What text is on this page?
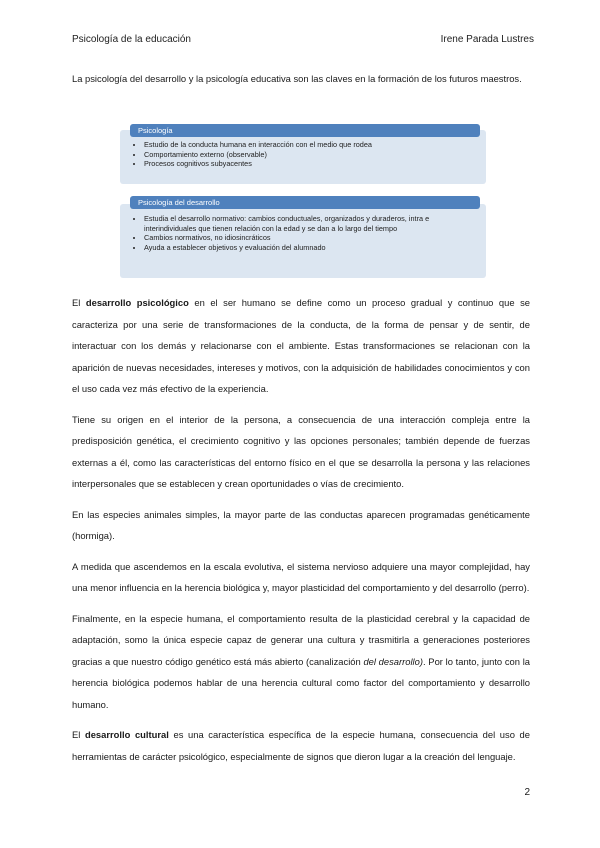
Psicología de la educación	Irene Parada Lustres

La psicología del desarrollo y la psicología educativa son las claves en la formación de los futuros maestros.

• Estudio de la conducta humana en interacción con el medio que rodea
• Comportamiento externo (observable)
• Procesos cognitivos subyacentes
Psicología
• Estudia el desarrollo normativo: cambios conductuales, organizados y duraderos, intra e interindividuales que tienen relación con la edad y se dan a lo largo del tiempo
• Cambios normativos, no idiosincráticos
• Ayuda a establecer objetivos y evaluación del alumnado
Psicología del desarrollo

El desarrollo psicológico en el ser humano se define como un proceso gradual y continuo que se caracteriza por una serie de transformaciones de la conducta, de la forma de pensar y de sentir, de interactuar con los demás y relacionarse con el ambiente. Estas transformaciones se relacionan con la aparición de nuevas necesidades, intereses y motivos, con la adquisición de habilidades conocimientos y con el uso cada vez más efectivo de la experiencia.

Tiene su origen en el interior de la persona, a consecuencia de una interacción compleja entre la predisposición genética, el crecimiento cognitivo y las opciones personales; también depende de fuerzas externas a él, como las características del entorno físico en el que se desarrolla la persona y las relaciones interpersonales que se establecen y crean oportunidades o vías de crecimiento.

En las especies animales simples, la mayor parte de las conductas aparecen programadas genéticamente (hormiga).

A medida que ascendemos en la escala evolutiva, el sistema nervioso adquiere una mayor complejidad, hay una menor influencia en la herencia biológica y, mayor plasticidad del comportamiento y del desarrollo (perro).

Finalmente, en la especie humana, el comportamiento resulta de la plasticidad cerebral y la capacidad de adaptación, somo la única especie capaz de generar una cultura y trasmitirla a generaciones posteriores gracias a que nuestro código genético está más abierto (canalización del desarrollo). Por lo tanto, junto con la herencia biológica podemos hablar de una herencia cultural como factor del comportamiento y desarrollo humano.

El desarrollo cultural es una característica específica de la especie humana, consecuencia del uso de herramientas de carácter psicológico, especialmente de signos que dieron lugar a la creación del lenguaje.

2
